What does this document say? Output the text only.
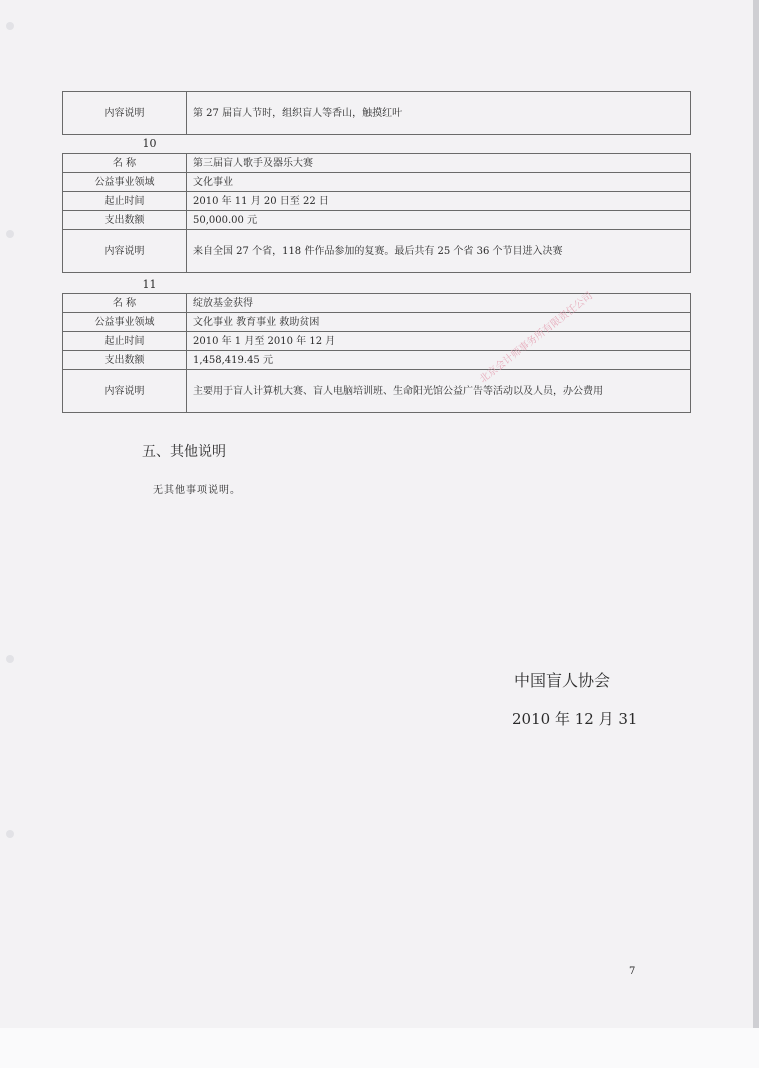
内容说明	第 27 届盲人节时，组织盲人等香山，触摸红叶
10
名 称	第三届盲人歌手及器乐大赛
公益事业领域	文化事业
起止时间	2010 年 11 月 20 日至 22 日
支出数额	50,000.00 元
内容说明	来自全国 27 个省，118 件作品参加的复赛。最后共有 25 个省 36 个节目进入决赛
11
名 称	绽放基金获得
公益事业领域	文化事业 教育事业 救助贫困
起止时间	2010 年 1 月至 2010 年 12 月
支出数额	1,458,419.45 元
内容说明	主要用于盲人计算机大赛、盲人电脑培训班、生命阳光馆公益广告等活动以及人员，办公费用
北京会计师事务所有限责任公司
五、其他说明
无其他事项说明。
中国盲人协会
2010 年 12 月 31
7
